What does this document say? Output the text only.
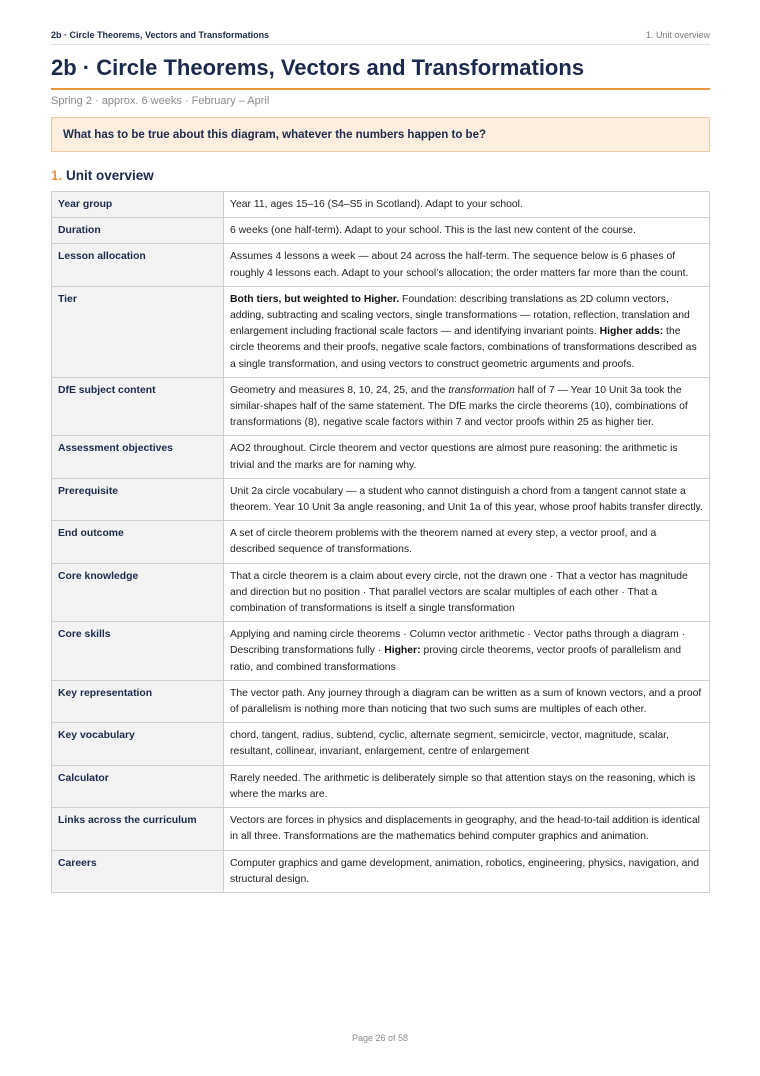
2b · Circle Theorems, Vectors and Transformations	1. Unit overview
2b · Circle Theorems, Vectors and Transformations
Spring 2 · approx. 6 weeks · February – April
What has to be true about this diagram, whatever the numbers happen to be?
1. Unit overview
Year group	Year 11, ages 15–16 (S4–S5 in Scotland). Adapt to your school.
Duration	6 weeks (one half-term). Adapt to your school. This is the last new content of the course.
Lesson allocation	Assumes 4 lessons a week — about 24 across the half-term. The sequence below is 6 phases of roughly 4 lessons each. Adapt to your school’s allocation; the order matters far more than the count.
Tier	Both tiers, but weighted to Higher. Foundation: describing translations as 2D column vectors, adding, subtracting and scaling vectors, single transformations — rotation, reflection, translation and enlargement including fractional scale factors — and identifying invariant points. Higher adds: the circle theorems and their proofs, negative scale factors, combinations of transformations described as a single transformation, and using vectors to construct geometric arguments and proofs.
DfE subject content	Geometry and measures 8, 10, 24, 25, and the transformation half of 7 — Year 10 Unit 3a took the similar-shapes half of the same statement. The DfE marks the circle theorems (10), combinations of transformations (8), negative scale factors within 7 and vector proofs within 25 as higher tier.
Assessment objectives	AO2 throughout. Circle theorem and vector questions are almost pure reasoning: the arithmetic is trivial and the marks are for naming why.
Prerequisite	Unit 2a circle vocabulary — a student who cannot distinguish a chord from a tangent cannot state a theorem. Year 10 Unit 3a angle reasoning, and Unit 1a of this year, whose proof habits transfer directly.
End outcome	A set of circle theorem problems with the theorem named at every step, a vector proof, and a described sequence of transformations.
Core knowledge	That a circle theorem is a claim about every circle, not the drawn one · That a vector has magnitude and direction but no position · That parallel vectors are scalar multiples of each other · That a combination of transformations is itself a single transformation
Core skills	Applying and naming circle theorems · Column vector arithmetic · Vector paths through a diagram · Describing transformations fully · Higher: proving circle theorems, vector proofs of parallelism and ratio, and combined transformations
Key representation	The vector path. Any journey through a diagram can be written as a sum of known vectors, and a proof of parallelism is nothing more than noticing that two such sums are multiples of each other.
Key vocabulary	chord, tangent, radius, subtend, cyclic, alternate segment, semicircle, vector, magnitude, scalar, resultant, collinear, invariant, enlargement, centre of enlargement
Calculator	Rarely needed. The arithmetic is deliberately simple so that attention stays on the reasoning, which is where the marks are.
Links across the curriculum	Vectors are forces in physics and displacements in geography, and the head-to-tail addition is identical in all three. Transformations are the mathematics behind computer graphics and animation.
Careers	Computer graphics and game development, animation, robotics, engineering, physics, navigation, and structural design.
Page 26 of 58
